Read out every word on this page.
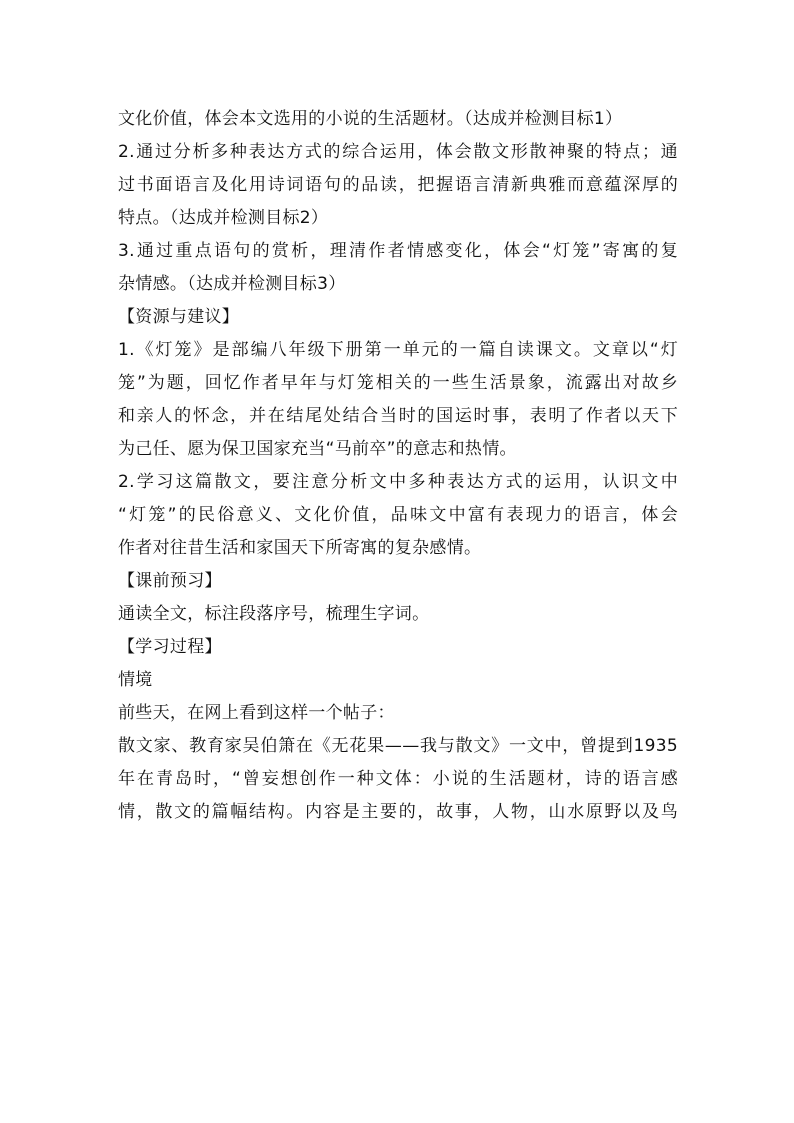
文化价值，体会本文选用的小说的生活题材。（达成并检测目标1）
2.通过分析多种表达方式的综合运用，体会散文形散神聚的特点；通
过书面语言及化用诗词语句的品读，把握语言清新典雅而意蕴深厚的
特点。（达成并检测目标2）
3.通过重点语句的赏析，理清作者情感变化，体会“灯笼”寄寓的复
杂情感。（达成并检测目标3）
【资源与建议】
1.《灯笼》是部编八年级下册第一单元的一篇自读课文。文章以“灯
笼”为题，回忆作者早年与灯笼相关的一些生活景象，流露出对故乡
和亲人的怀念，并在结尾处结合当时的国运时事，表明了作者以天下
为己任、愿为保卫国家充当“马前卒”的意志和热情。
2.学习这篇散文，要注意分析文中多种表达方式的运用，认识文中
“灯笼”的民俗意义、文化价值，品味文中富有表现力的语言，体会
作者对往昔生活和家国天下所寄寓的复杂感情。
【课前预习】
通读全文，标注段落序号，梳理生字词。
【学习过程】
情境
前些天，在网上看到这样一个帖子：
散文家、教育家吴伯箫在《无花果——我与散文》一文中，曾提到1935
年在青岛时，“曾妄想创作一种文体：小说的生活题材，诗的语言感
情，散文的篇幅结构。内容是主要的，故事，人物，山水原野以及鸟
